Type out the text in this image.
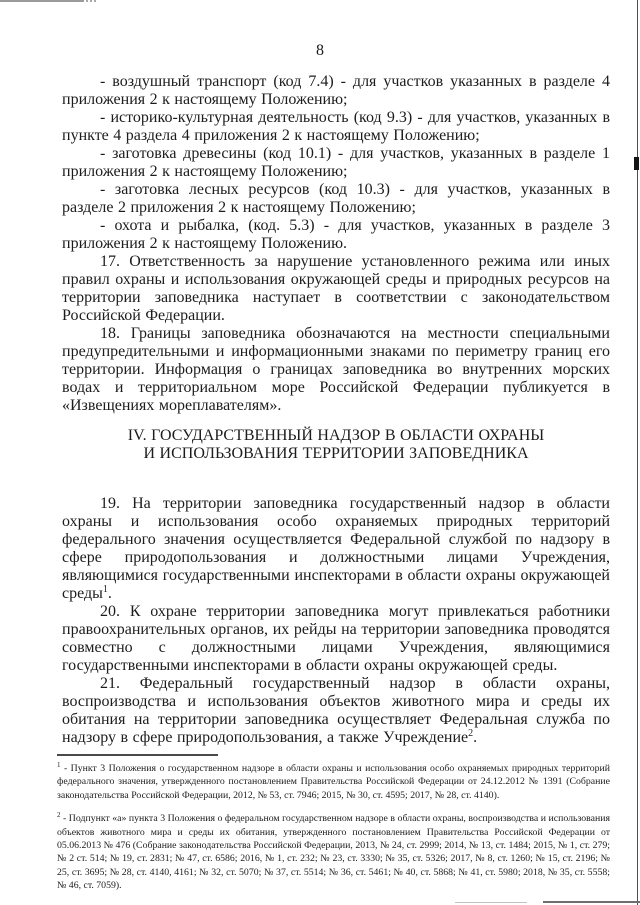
8

- воздушный транспорт (код 7.4) - для участков указанных в разделе 4 приложения 2 к настоящему Положению;

- историко-культурная деятельность (код 9.3) - для участков, указанных в пункте 4 раздела 4 приложения 2 к настоящему Положению;

- заготовка древесины (код 10.1) - для участков, указанных в разделе 1 приложения 2 к настоящему Положению;

- заготовка лесных ресурсов (код 10.3) - для участков, указанных в разделе 2 приложения 2 к настоящему Положению;

- охота и рыбалка, (код. 5.3) - для участков, указанных в разделе 3 приложения 2 к настоящему Положению.

17. Ответственность за нарушение установленного режима или иных правил охраны и использования окружающей среды и природных ресурсов на территории заповедника наступает в соответствии с законодательством Российской Федерации.

18. Границы заповедника обозначаются на местности специальными предупредительными и информационными знаками по периметру границ его территории. Информация о границах заповедника во внутренних морских водах и территориальном море Российской Федерации публикуется в «Извещениях мореплавателям».

IV. ГОСУДАРСТВЕННЫЙ НАДЗОР В ОБЛАСТИ ОХРАНЫ
И ИСПОЛЬЗОВАНИЯ ТЕРРИТОРИИ ЗАПОВЕДНИКА

19. На территории заповедника государственный надзор в области охраны и использования особо охраняемых природных территорий федерального значения осуществляется Федеральной службой по надзору в сфере природопользования и должностными лицами Учреждения, являющимися государственными инспекторами в области охраны окружающей среды$^1$.

20. К охране территории заповедника могут привлекаться работники правоохранительных органов, их рейды на территории заповедника проводятся совместно с должностными лицами Учреждения, являющимися государственными инспекторами в области охраны окружающей среды.

21. Федеральный государственный надзор в области охраны, воспроизводства и использования объектов животного мира и среды их обитания на территории заповедника осуществляет Федеральная служба по надзору в сфере природопользования, а также Учреждение$^2$.

$^1$ - Пункт 3 Положения о государственном надзоре в области охраны и использования особо охраняемых природных территорий федерального значения, утвержденного постановлением Правительства Российской Федерации от 24.12.2012 № 1391 (Собрание законодательства Российской Федерации, 2012, № 53, ст. 7946; 2015, № 30, ст. 4595; 2017, № 28, ст. 4140).

$^2$ - Подпункт «а» пункта 3 Положения о федеральном государственном надзоре в области охраны, воспроизводства и использования объектов животного мира и среды их обитания, утвержденного постановлением Правительства Российской Федерации от 05.06.2013 № 476 (Собрание законодательства Российской Федерации, 2013, № 24, ст. 2999; 2014, № 13, ст. 1484; 2015, № 1, ст. 279; № 2 ст. 514; № 19, ст. 2831; № 47, ст. 6586; 2016, № 1, ст. 232; № 23, ст. 3330; № 35, ст. 5326; 2017, № 8, ст. 1260; № 15, ст. 2196; № 25, ст. 3695; № 28, ст. 4140, 4161; № 32, ст. 5070; № 37, ст. 5514; № 36, ст. 5461; № 40, ст. 5868; № 41, ст. 5980; 2018, № 35, ст. 5558; № 46, ст. 7059).
